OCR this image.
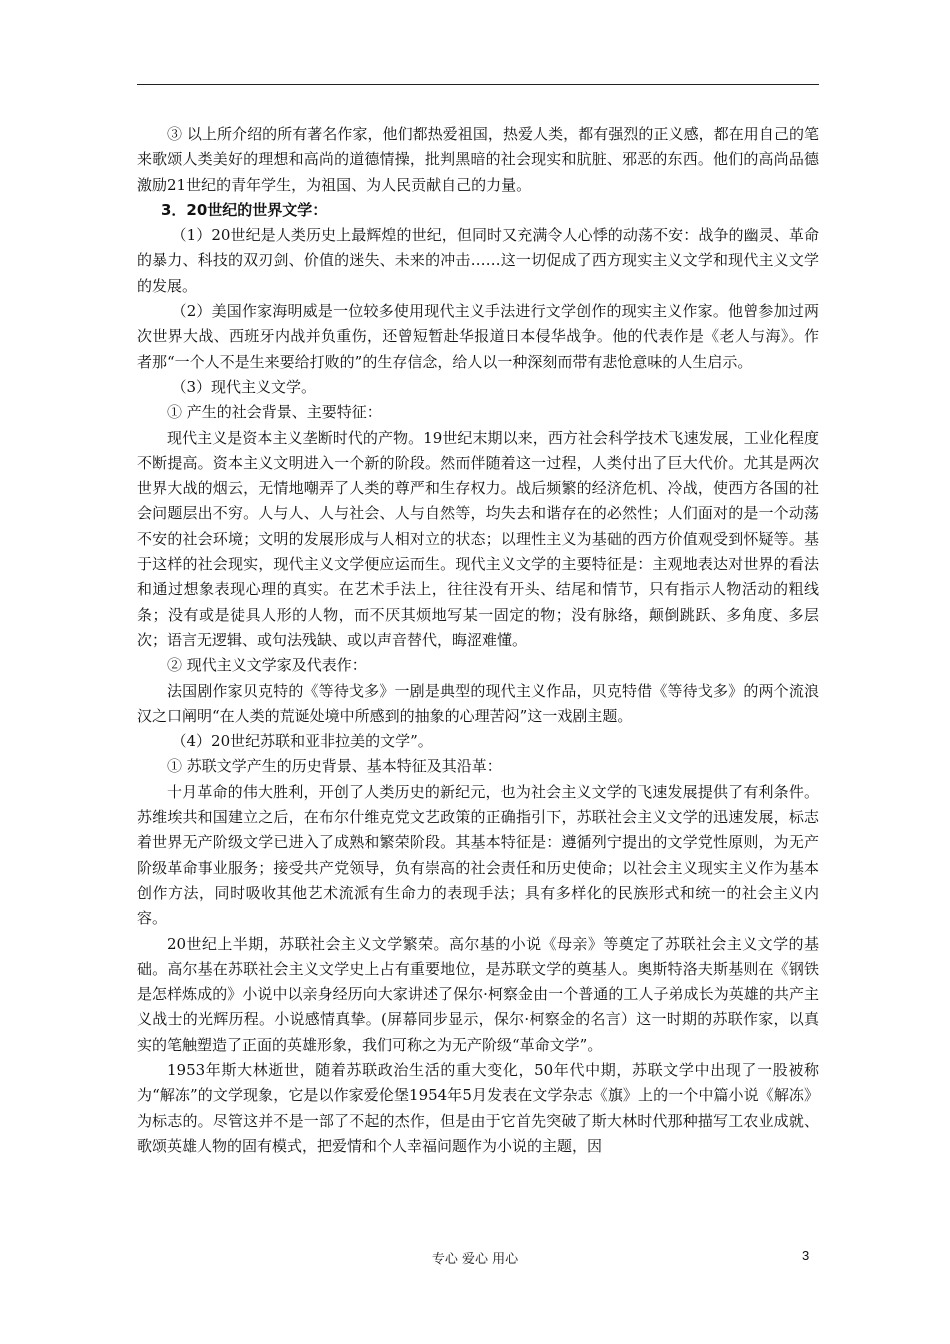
③ 以上所介绍的所有著名作家，他们都热爱祖国，热爱人类，都有强烈的正义感，都在用自己的笔来歌颂人类美好的理想和高尚的道德情操，批判黑暗的社会现实和肮脏、邪恶的东西。他们的高尚品德激励21世纪的青年学生，为祖国、为人民贡献自己的力量。

3．20世纪的世界文学：

（1）20世纪是人类历史上最辉煌的世纪，但同时又充满令人心悸的动荡不安：战争的幽灵、革命的暴力、科技的双刃剑、价值的迷失、未来的冲击……这一切促成了西方现实主义文学和现代主义文学的发展。

（2）美国作家海明威是一位较多使用现代主义手法进行文学创作的现实主义作家。他曾参加过两次世界大战、西班牙内战并负重伤，还曾短暂赴华报道日本侵华战争。他的代表作是《老人与海》。作者那“一个人不是生来要给打败的”的生存信念，给人以一种深刻而带有悲怆意味的人生启示。

（3）现代主义文学。

① 产生的社会背景、主要特征：

现代主义是资本主义垄断时代的产物。19世纪末期以来，西方社会科学技术飞速发展，工业化程度不断提高。资本主义文明进入一个新的阶段。然而伴随着这一过程，人类付出了巨大代价。尤其是两次世界大战的烟云，无情地嘲弄了人类的尊严和生存权力。战后频繁的经济危机、冷战，使西方各国的社会问题层出不穷。人与人、人与社会、人与自然等，均失去和谐存在的必然性；人们面对的是一个动荡不安的社会环境；文明的发展形成与人相对立的状态；以理性主义为基础的西方价值观受到怀疑等。基于这样的社会现实，现代主义文学便应运而生。现代主义文学的主要特征是：主观地表达对世界的看法和通过想象表现心理的真实。在艺术手法上，往往没有开头、结尾和情节，只有指示人物活动的粗线条；没有或是徒具人形的人物，而不厌其烦地写某一固定的物；没有脉络，颠倒跳跃、多角度、多层次；语言无逻辑、或句法残缺、或以声音替代，晦涩难懂。

② 现代主义文学家及代表作：

法国剧作家贝克特的《等待戈多》一剧是典型的现代主义作品，贝克特借《等待戈多》的两个流浪汉之口阐明“在人类的荒诞处境中所感到的抽象的心理苦闷”这一戏剧主题。

（4）20世纪苏联和亚非拉美的文学”。

① 苏联文学产生的历史背景、基本特征及其沿革：

十月革命的伟大胜利，开创了人类历史的新纪元，也为社会主义文学的飞速发展提供了有利条件。苏维埃共和国建立之后，在布尔什维克党文艺政策的正确指引下，苏联社会主义文学的迅速发展，标志着世界无产阶级文学已进入了成熟和繁荣阶段。其基本特征是：遵循列宁提出的文学党性原则，为无产阶级革命事业服务；接受共产党领导，负有崇高的社会责任和历史使命；以社会主义现实主义作为基本创作方法，同时吸收其他艺术流派有生命力的表现手法；具有多样化的民族形式和统一的社会主义内容。

20世纪上半期，苏联社会主义文学繁荣。高尔基的小说《母亲》等奠定了苏联社会主义文学的基础。高尔基在苏联社会主义文学史上占有重要地位，是苏联文学的奠基人。奥斯特洛夫斯基则在《钢铁是怎样炼成的》小说中以亲身经历向大家讲述了保尔·柯察金由一个普通的工人子弟成长为英雄的共产主义战士的光辉历程。小说感情真挚。(屏幕同步显示，保尔·柯察金的名言）这一时期的苏联作家，以真实的笔触塑造了正面的英雄形象，我们可称之为无产阶级“革命文学”。

1953年斯大林逝世，随着苏联政治生活的重大变化，50年代中期，苏联文学中出现了一股被称为“解冻”的文学现象，它是以作家爱伦堡1954年5月发表在文学杂志《旗》上的一个中篇小说《解冻》为标志的。尽管这并不是一部了不起的杰作，但是由于它首先突破了斯大林时代那种描写工农业成就、歌颂英雄人物的固有模式，把爱情和个人幸福问题作为小说的主题，因

专心 爱心 用心	3
